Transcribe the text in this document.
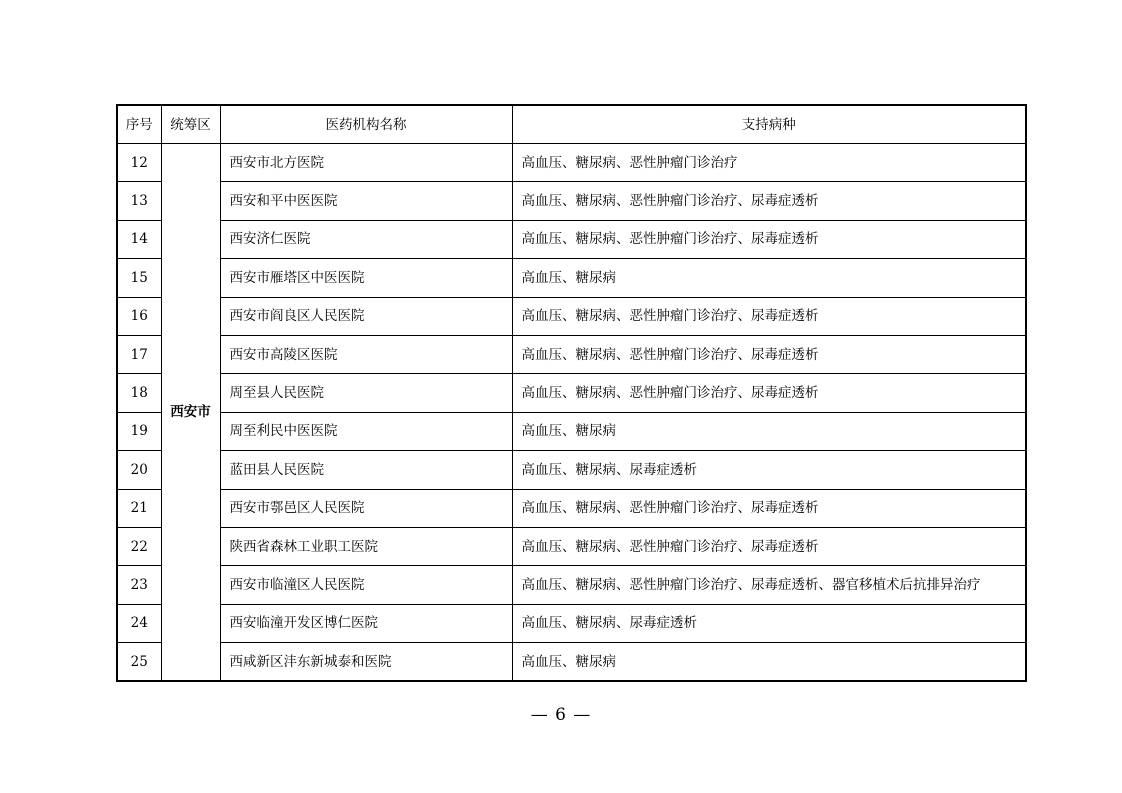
序号	统筹区	医药机构名称	支持病种
12	西安市	西安市北方医院	高血压、糖尿病、恶性肿瘤门诊治疗
13		西安和平中医医院	高血压、糖尿病、恶性肿瘤门诊治疗、尿毒症透析
14		西安济仁医院	高血压、糖尿病、恶性肿瘤门诊治疗、尿毒症透析
15		西安市雁塔区中医医院	高血压、糖尿病
16		西安市阎良区人民医院	高血压、糖尿病、恶性肿瘤门诊治疗、尿毒症透析
17		西安市高陵区医院	高血压、糖尿病、恶性肿瘤门诊治疗、尿毒症透析
18		周至县人民医院	高血压、糖尿病、恶性肿瘤门诊治疗、尿毒症透析
19		周至利民中医医院	高血压、糖尿病
20		蓝田县人民医院	高血压、糖尿病、尿毒症透析
21		西安市鄠邑区人民医院	高血压、糖尿病、恶性肿瘤门诊治疗、尿毒症透析
22		陕西省森林工业职工医院	高血压、糖尿病、恶性肿瘤门诊治疗、尿毒症透析
23		西安市临潼区人民医院	高血压、糖尿病、恶性肿瘤门诊治疗、尿毒症透析、器官移植术后抗排异治疗
24		西安临潼开发区博仁医院	高血压、糖尿病、尿毒症透析
25		西咸新区沣东新城泰和医院	高血压、糖尿病
— 6 —
